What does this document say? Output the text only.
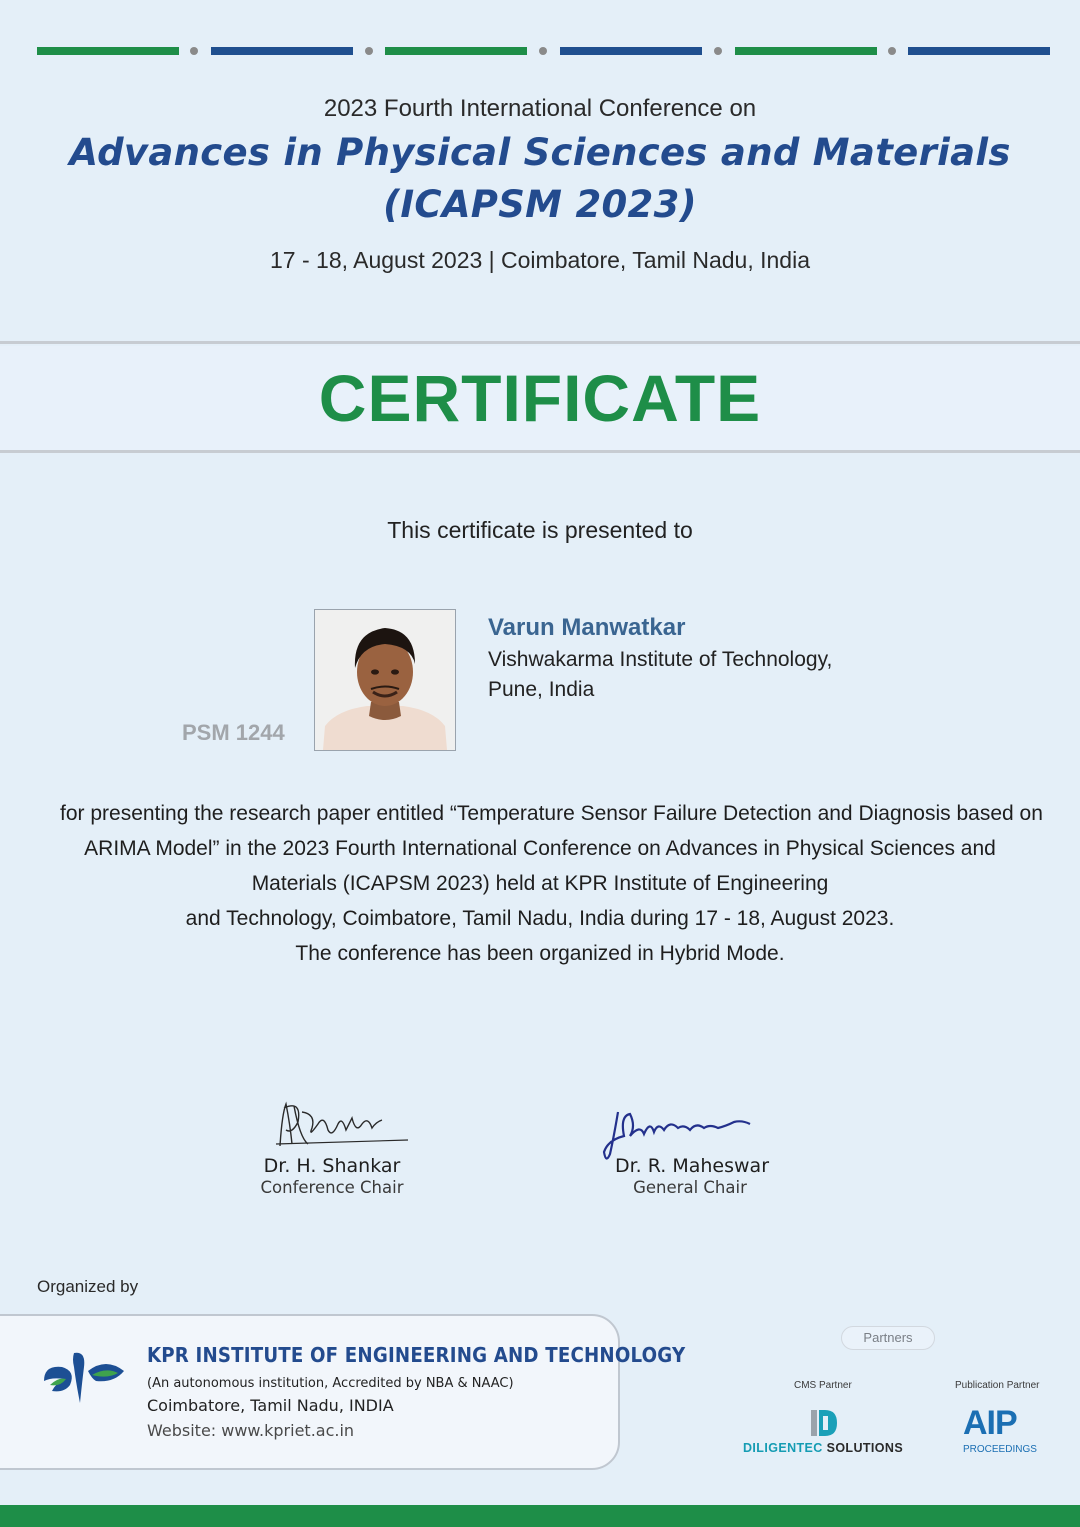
2023 Fourth International Conference on
Advances in Physical Sciences and Materials
(ICAPSM 2023)
17 - 18, August 2023 | Coimbatore, Tamil Nadu, India
CERTIFICATE
This certificate is presented to
PSM 1244
Varun Manwatkar
Vishwakarma Institute of Technology,
Pune, India
for presenting the research paper entitled “Temperature Sensor Failure Detection and Diagnosis based on
ARIMA Model” in the 2023 Fourth International Conference on Advances in Physical Sciences and
Materials (ICAPSM 2023) held at KPR Institute of Engineering
and Technology, Coimbatore, Tamil Nadu, India during 17 - 18, August 2023.
The conference has been organized in Hybrid Mode.
Dr. H. Shankar
Conference Chair
Dr. R. Maheswar
General Chair
Organized by
KPR INSTITUTE OF ENGINEERING AND TECHNOLOGY
(An autonomous institution, Accredited by NBA & NAAC)
Coimbatore, Tamil Nadu, INDIA
Website: www.kpriet.ac.in
Partners
CMS Partner
DILIGENTEC SOLUTIONS
Publication Partner
AIP
PROCEEDINGS
